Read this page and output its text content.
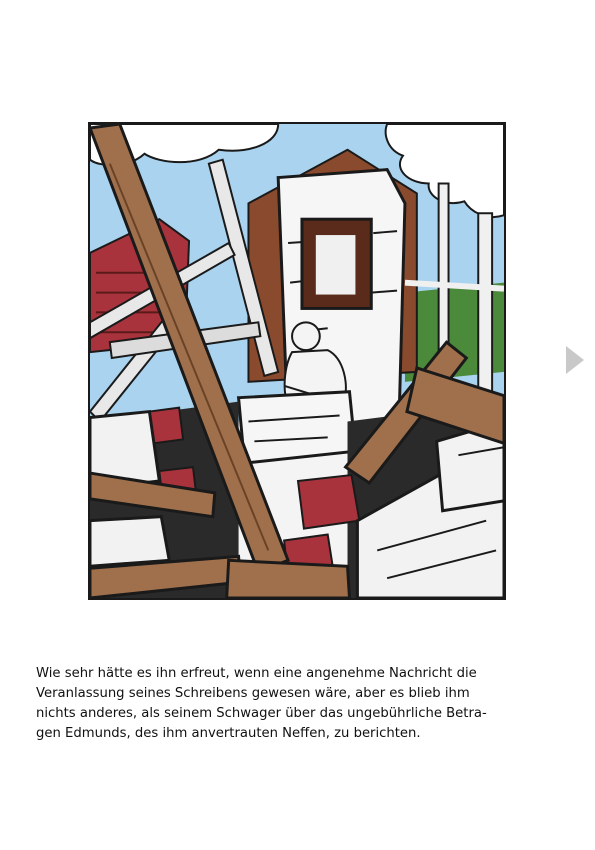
Wie sehr hätte es ihn erfreut, wenn eine angenehme Nachricht die
Veranlassung seines Schreibens gewesen wäre, aber es blieb ihm
nichts anderes, als seinem Schwager über das ungebührliche Betra-
gen Edmunds, des ihm anvertrauten Neffen, zu berichten.
